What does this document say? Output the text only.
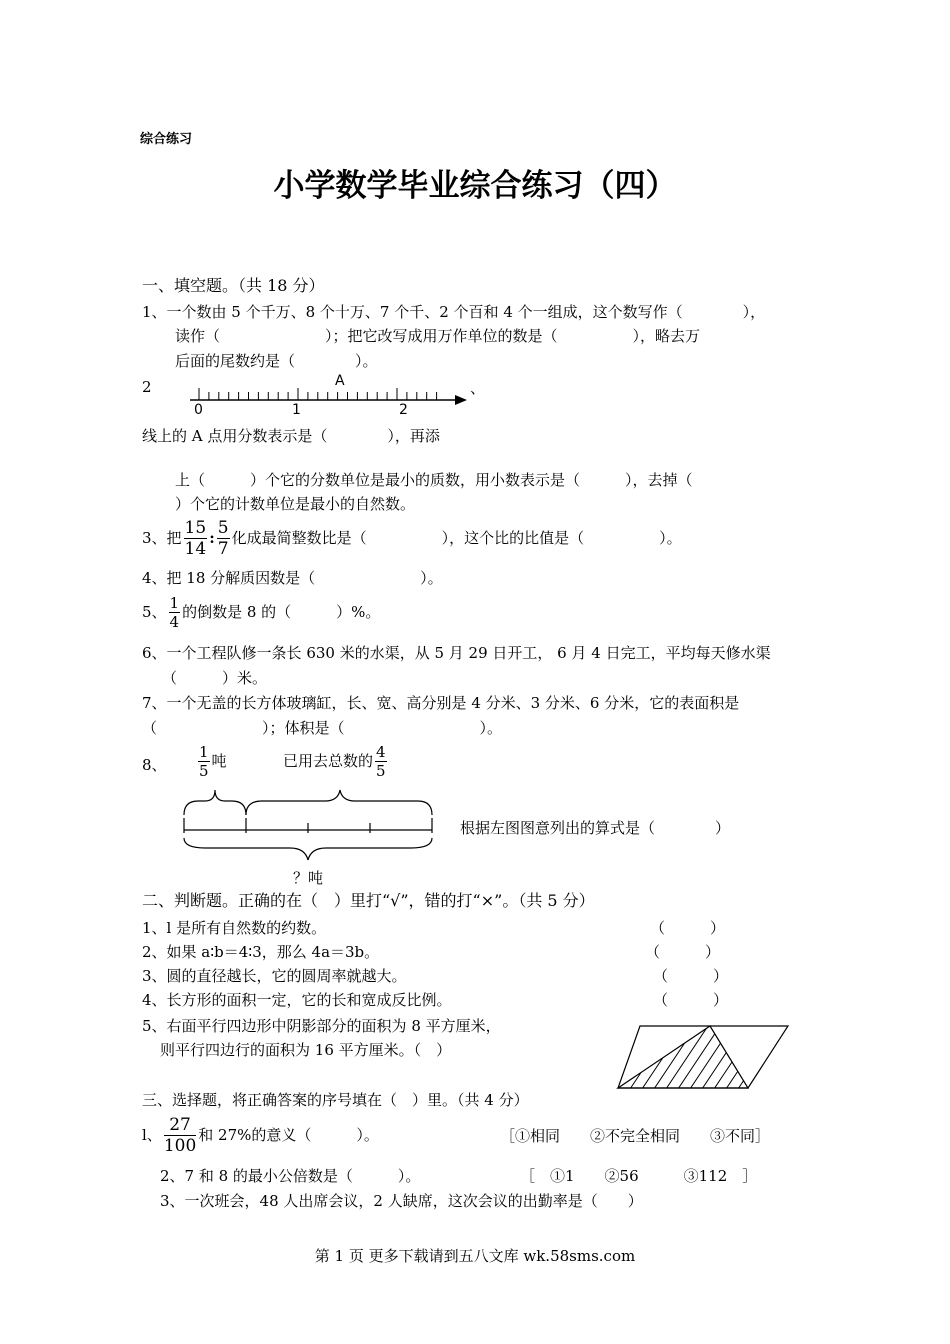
综合练习
小学数学毕业综合练习（四）
一、填空题。（共 18 分）
1、一个数由 5 个千万、8 个十万、7 个千、2 个百和 4 个一组成，这个数写作（　　　　），
读作（　　　　　　　）；把它改写成用万作单位的数是（　　　　　），略去万
后面的尾数约是（　　　　）。
2
0	1	2
A	、
线上的 A 点用分数表示是（　　　　），再添
上（　　　）个它的分数单位是最小的质数，用小数表示是（　　　），去掉（
）个它的计数单位是最小的自然数。
3、把 $\frac{15}{14}$ : $\frac{5}{7}$ 化成最简整数比是（　　　　　），这个比的比值是（　　　　　）。
4、把 18 分解质因数是（　　　　　　　）。
5、 $\frac{1}{4}$ 的倒数是 8 的（　　　）%。
6、一个工程队修一条长 630 米的水渠，从 5 月 29 日开工， 6 月 4 日完工，平均每天修水渠
（　　　）米。
7、一个无盖的长方体玻璃缸，长、宽、高分别是 4 分米、3 分米、6 分米，它的表面积是
（　　　　　　　）；体积是（　　　　　　　　　）。
8、 $\frac{1}{5}$ 吨	已用去总数的 $\frac{4}{5}$
根据左图图意列出的算式是（　　　　）
？吨
二、判断题。正确的在（　）里打“√”，错的打“×”。（共 5 分）
1、l 是所有自然数的约数。	（　　　）
2、如果 a∶b＝4∶3，那么 4a＝3b。	（　　　）
3、圆的直径越长，它的圆周率就越大。	（　　　）
4、长方形的面积一定，它的长和宽成反比例。	（　　　）
5、右面平行四边形中阴影部分的面积为 8 平方厘米，
则平行四边行的面积为 16 平方厘米。（　）
三、选择题，将正确答案的序号填在（　）里。（共 4 分）
l、 $\frac{27}{100}$ 和 27%的意义（　　　）。	［①相同　　②不完全相同　　③不同］
2、7 和 8 的最小公倍数是（　　　）。	［　①1　　②56　　　③112　］
3、一次班会，48 人出席会议，2 人缺席，这次会议的出勤率是（　　）
第 1 页 更多下载请到五八文库 wk.58sms.com
